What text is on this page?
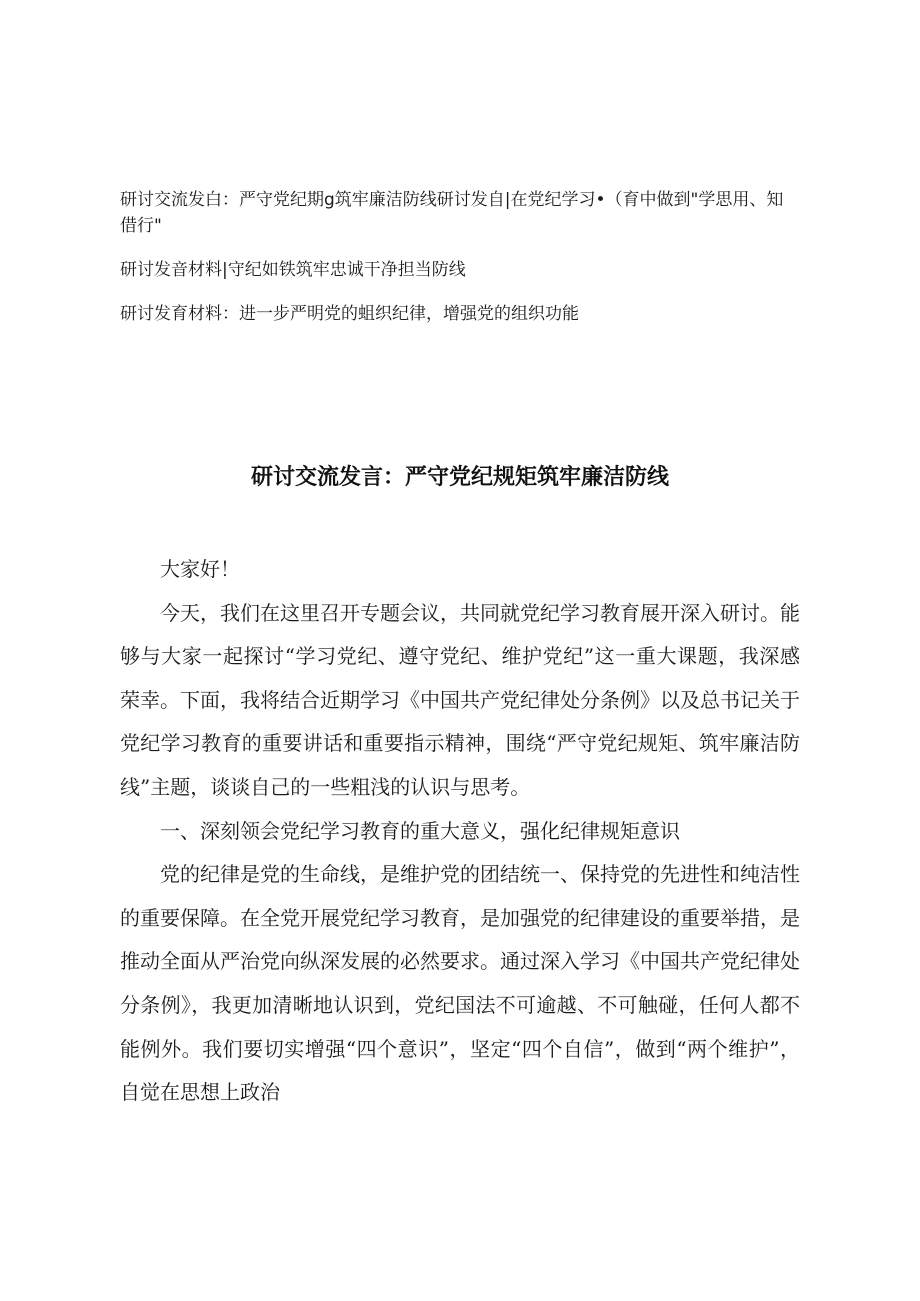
研讨交流发白：严守党纪期g筑牢廉洁防线研讨发自|在党纪学习•（育中做到"学思用、知借行"

研讨发音材料|守纪如铁筑牢忠诚干净担当防线

研讨发育材料：进一步严明党的蛆织纪律，增强党的组织功能

研讨交流发言：严守党纪规矩筑牢廉洁防线

大家好！

今天，我们在这里召开专题会议，共同就党纪学习教育展开深入研讨。能够与大家一起探讨“学习党纪、遵守党纪、维护党纪”这一重大课题，我深感荣幸。下面，我将结合近期学习《中国共产党纪律处分条例》以及总书记关于党纪学习教育的重要讲话和重要指示精神，围绕“严守党纪规矩、筑牢廉洁防线”主题，谈谈自己的一些粗浅的认识与思考。

一、深刻领会党纪学习教育的重大意义，强化纪律规矩意识

党的纪律是党的生命线，是维护党的团结统一、保持党的先进性和纯洁性的重要保障。在全党开展党纪学习教育，是加强党的纪律建设的重要举措，是推动全面从严治党向纵深发展的必然要求。通过深入学习《中国共产党纪律处分条例》，我更加清晰地认识到，党纪国法不可逾越、不可触碰，任何人都不能例外。我们要切实增强“四个意识”，坚定“四个自信”，做到“两个维护”，自觉在思想上政治
